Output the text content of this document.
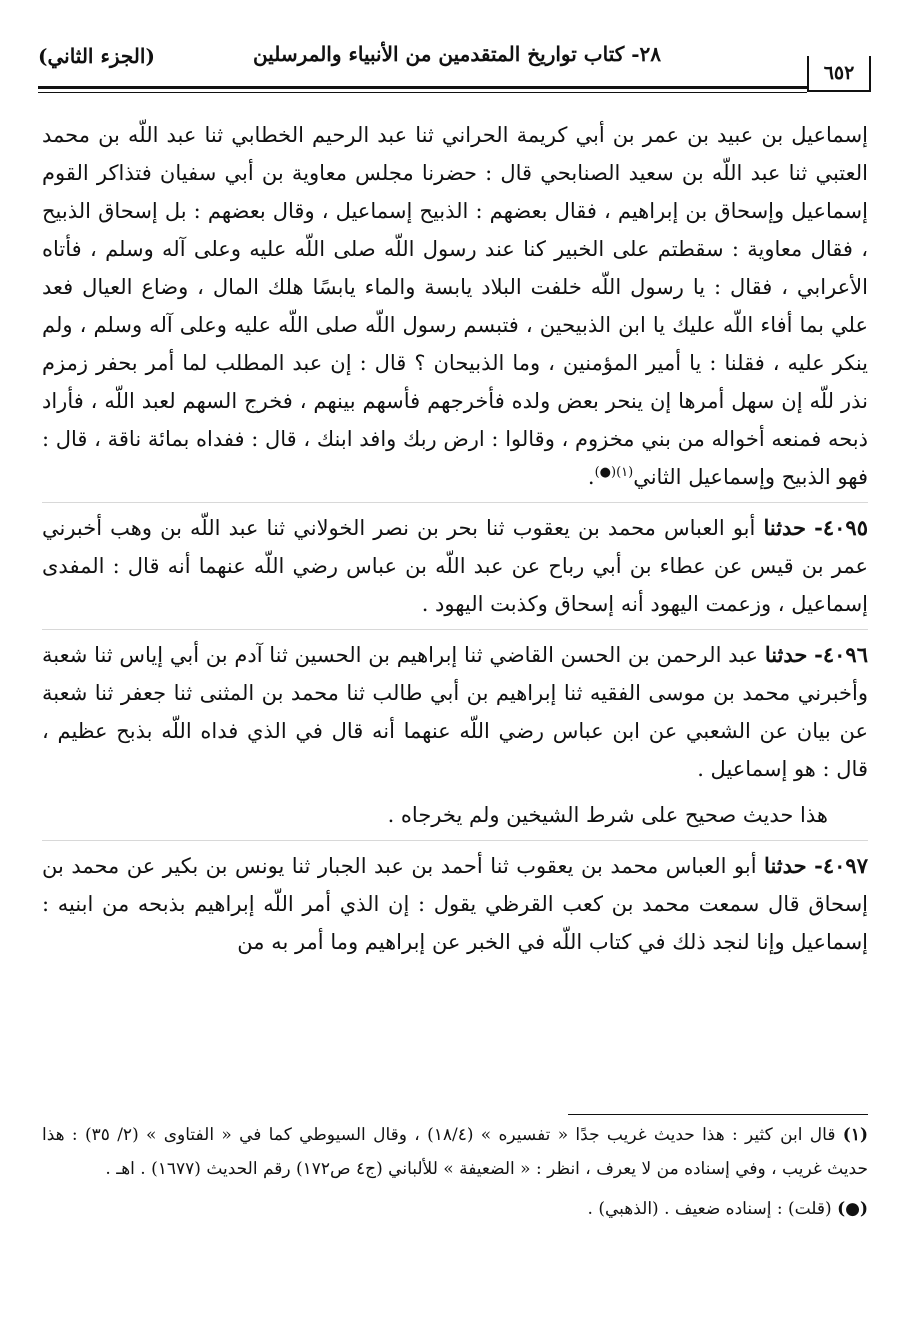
٦٥٢
٢٨- كتاب تواريخ المتقدمين من الأنبياء والمرسلين
(الجزء الثاني)

إسماعيل بن عبيد بن عمر بن أبي كريمة الحراني ثنا عبد الرحيم الخطابي ثنا عبد اللّه بن محمد العتبي ثنا عبد اللّه بن سعيد الصنابحي قال : حضرنا مجلس معاوية بن أبي سفيان فتذاكر القوم إسماعيل وإسحاق بن إبراهيم ، فقال بعضهم : الذبيح إسماعيل ، وقال بعضهم : بل إسحاق الذبيح ، فقال معاوية : سقطتم على الخبير كنا عند رسول اللّه صلى اللّه عليه وعلى آله وسلم ، فأتاه الأعرابي ، فقال : يا رسول اللّه خلفت البلاد يابسة والماء يابسًا هلك المال ، وضاع العيال فعد علي بما أفاء اللّه عليك يا ابن الذبيحين ، فتبسم رسول اللّه صلى اللّه عليه وعلى آله وسلم ، ولم ينكر عليه ، فقلنا : يا أمير المؤمنين ، وما الذبيحان ؟ قال : إن عبد المطلب لما أمر بحفر زمزم نذر للّه إن سهل أمرها إن ينحر بعض ولده فأخرجهم فأسهم بينهم ، فخرج السهم لعبد اللّه ، فأراد ذبحه فمنعه أخواله من بني مخزوم ، وقالوا : ارض ربك وافد ابنك ، قال : ففداه بمائة ناقة ، قال : فهو الذبيح وإسماعيل الثاني$^{(١)(●)}$.

٤٠٩٥- حدثنا أبو العباس محمد بن يعقوب ثنا بحر بن نصر الخولاني ثنا عبد اللّه بن وهب أخبرني عمر بن قيس عن عطاء بن أبي رباح عن عبد اللّه بن عباس رضي اللّه عنهما أنه قال : المفدى إسماعيل ، وزعمت اليهود أنه إسحاق وكذبت اليهود .

٤٠٩٦- حدثنا عبد الرحمن بن الحسن القاضي ثنا إبراهيم بن الحسين ثنا آدم بن أبي إياس ثنا شعبة وأخبرني محمد بن موسى الفقيه ثنا إبراهيم بن أبي طالب ثنا محمد بن المثنى ثنا جعفر ثنا شعبة عن بيان عن الشعبي عن ابن عباس رضي اللّه عنهما أنه قال في الذي فداه اللّه بذبح عظيم ، قال : هو إسماعيل .

هذا حديث صحيح على شرط الشيخين ولم يخرجاه .

٤٠٩٧- حدثنا أبو العباس محمد بن يعقوب ثنا أحمد بن عبد الجبار ثنا يونس بن بكير عن محمد بن إسحاق قال سمعت محمد بن كعب القرظي يقول : إن الذي أمر اللّه إبراهيم بذبحه من ابنيه : إسماعيل وإنا لنجد ذلك في كتاب اللّه في الخبر عن إبراهيم وما أمر به من

(١) قال ابن كثير : هذا حديث غريب جدًا « تفسيره » (١٨/٤) ، وقال السيوطي كما في « الفتاوى » (٢/ ٣٥) : هذا حديث غريب ، وفي إسناده من لا يعرف ، انظر : « الضعيفة » للألباني (ج٤ ص١٧٢) رقم الحديث (١٦٧٧) . اهـ .

(●) (قلت) : إسناده ضعيف . (الذهبي) .
